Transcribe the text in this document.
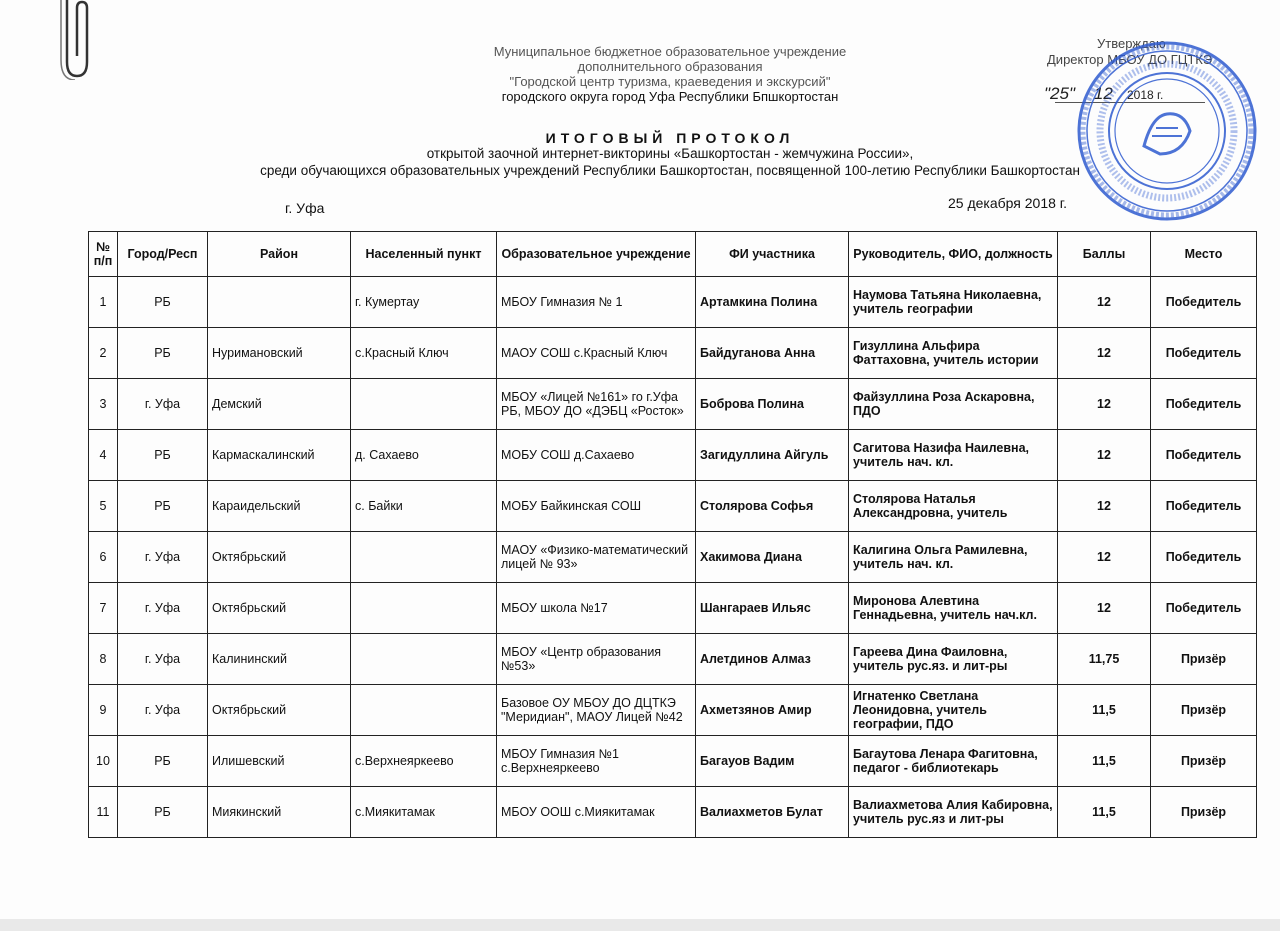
Муниципальное бюджетное образовательное учреждение
дополнительного образования
"Городской центр туризма, краеведения и экскурсий"
городского округа город Уфа Республики Бпшкортостан
ИТОГОВЫЙ ПРОТОКОЛ
открытой заочной интернет-викторины «Башкортостан - жемчужина России»,
среди обучающихся образовательных учреждений Республики Башкортостан, посвященной 100-летию Республики Башкортостан
г. Уфа	25 декабря 2018 г.
Утверждаю
Директор МБОУ ДО ГЦТКЭ
"25"    12 2018 г.
№ п/п	Город/Респ	Район	Населенный пункт	Образовательное учреждение	ФИ участника	Руководитель, ФИО, должность	Баллы	Место
1	РБ		г. Кумертау	МБОУ Гимназия № 1	Артамкина Полина	Наумова Татьяна Николаевна, учитель географии	12	Победитель
2	РБ	Нуримановский	с.Красный Ключ	МАОУ СОШ с.Красный Ключ	Байдуганова Анна	Гизуллина Альфира Фаттаховна, учитель истории	12	Победитель
3	г. Уфа	Демский		МБОУ «Лицей №161» го г.Уфа РБ, МБОУ ДО «ДЭБЦ «Росток»	Боброва Полина	Файзуллина Роза Аскаровна, ПДО	12	Победитель
4	РБ	Кармаскалинский	д. Сахаево	МОБУ СОШ д.Сахаево	Загидуллина Айгуль	Сагитова Назифа Наилевна, учитель нач. кл.	12	Победитель
5	РБ	Караидельский	с. Байки	МОБУ Байкинская СОШ	Столярова Софья	Столярова Наталья Александровна, учитель	12	Победитель
6	г. Уфа	Октябрьский		МАОУ «Физико-математический лицей № 93»	Хакимова Диана	Калигина Ольга Рамилевна, учитель нач. кл.	12	Победитель
7	г. Уфа	Октябрьский		МБОУ школа №17	Шангараев Ильяс	Миронова Алевтина Геннадьевна, учитель нач.кл.	12	Победитель
8	г. Уфа	Калининский		МБОУ «Центр образования №53»	Алетдинов Алмаз	Гареева Дина Фаиловна, учитель рус.яз. и лит-ры	11,75	Призёр
9	г. Уфа	Октябрьский		Базовое ОУ МБОУ ДО ДЦТКЭ "Меридиан", МАОУ Лицей №42	Ахметзянов Амир	Игнатенко Светлана Леонидовна, учитель географии, ПДО	11,5	Призёр
10	РБ	Илишевский	с.Верхнеяркеево	МБОУ Гимназия №1 с.Верхнеяркеево	Багауов Вадим	Багаутова Ленара Фагитовна, педагог - библиотекарь	11,5	Призёр
11	РБ	Миякинский	с.Миякитамак	МБОУ ООШ с.Миякитамак	Валиахметов Булат	Валиахметова Алия Кабировна, учитель рус.яз и лит-ры	11,5	Призёр
